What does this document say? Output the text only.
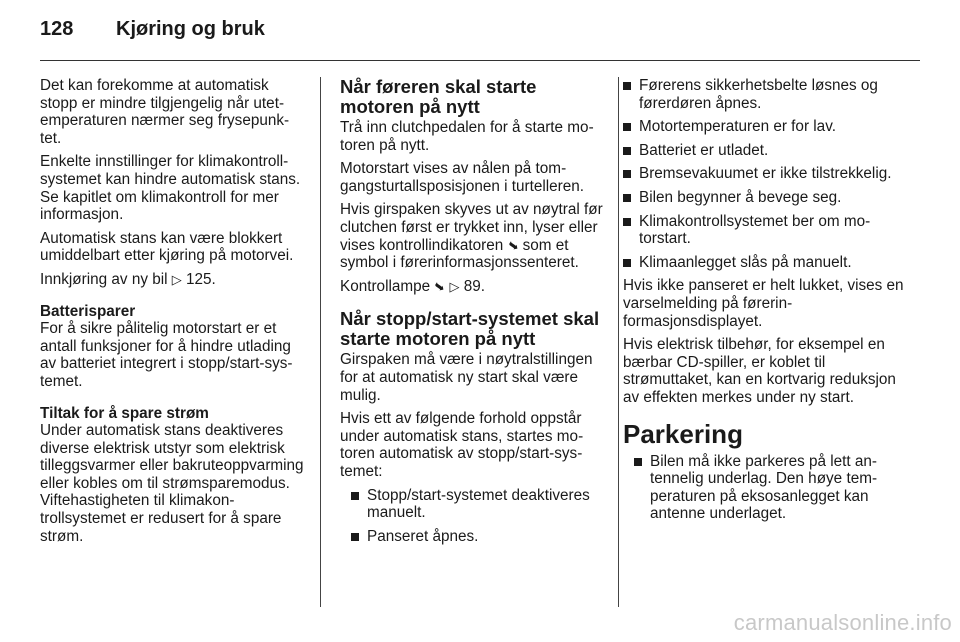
128	Kjøring og bruk

Det kan forekomme at automatisk stopp er mindre tilgjengelig når utetemperaturen nærmer seg frysepunktet.

Enkelte innstillinger for klimakontrollsystemet kan hindre automatisk stans. Se kapitlet om klimakontroll for mer informasjon.

Automatisk stans kan være blokkert umiddelbart etter kjøring på motorvei.

Innkjøring av ny bil ▷ 125.

Batterisparer

For å sikre pålitelig motorstart er et antall funksjoner for å hindre utlading av batteriet integrert i stopp/start-systemet.

Tiltak for å spare strøm

Under automatisk stans deaktiveres diverse elektrisk utstyr som elektrisk tilleggsvarmer eller bakruteoppvarming eller kobles om til strømsparemodus. Viftehastigheten til klimakontrollsystemet er redusert for å spare strøm.

Når føreren skal starte motoren på nytt

Trå inn clutchpedalen for å starte motoren på nytt.

Motorstart vises av nålen på tomgangsturtallsposisjonen i turtelleren.

Hvis girspaken skyves ut av nøytral før clutchen først er trykket inn, lyser eller vises kontrollindikatoren ➥ som et symbol i førerinformasjonssenteret.

Kontrollampe ➥ ▷ 89.

Når stopp/start-systemet skal starte motoren på nytt

Girspaken må være i nøytralstillingen for at automatisk ny start skal være mulig.

Hvis ett av følgende forhold oppstår under automatisk stans, startes motoren automatisk av stopp/start-systemet:

Stopp/start-systemet deaktiveres manuelt.
Panseret åpnes.
Førerens sikkerhetsbelte løsnes og førerdøren åpnes.
Motortemperaturen er for lav.
Batteriet er utladet.
Bremsevakuumet er ikke tilstrekkelig.
Bilen begynner å bevege seg.
Klimakontrollsystemet ber om motorstart.
Klimaanlegget slås på manuelt.

Hvis ikke panseret er helt lukket, vises en varselmelding på førerinformasjonsdisplayet.

Hvis elektrisk tilbehør, for eksempel en bærbar CD-spiller, er koblet til strømuttaket, kan en kortvarig reduksjon av effekten merkes under ny start.

Parkering
Bilen må ikke parkeres på lett antennelig underlag. Den høye temperaturen på eksosanlegget kan antenne underlaget.
carmanualsonline.info
